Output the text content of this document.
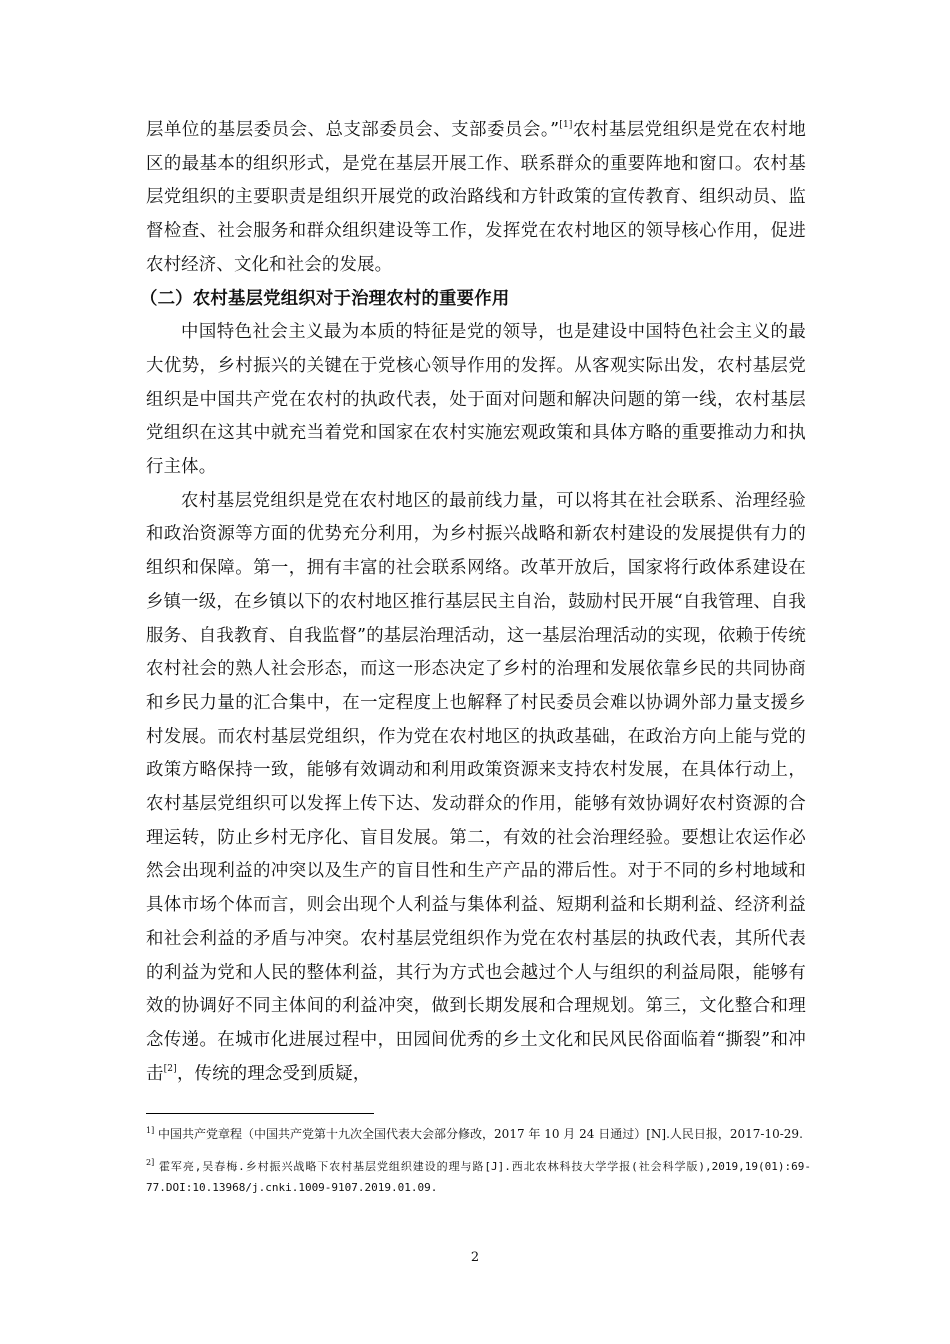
层单位的基层委员会、总支部委员会、支部委员会。”[1]农村基层党组织是党在农村地区的最基本的组织形式，是党在基层开展工作、联系群众的重要阵地和窗口。农村基层党组织的主要职责是组织开展党的政治路线和方针政策的宣传教育、组织动员、监督检查、社会服务和群众组织建设等工作，发挥党在农村地区的领导核心作用，促进农村经济、文化和社会的发展。

（二）农村基层党组织对于治理农村的重要作用

中国特色社会主义最为本质的特征是党的领导，也是建设中国特色社会主义的最大优势，乡村振兴的关键在于党核心领导作用的发挥。从客观实际出发，农村基层党组织是中国共产党在农村的执政代表，处于面对问题和解决问题的第一线，农村基层党组织在这其中就充当着党和国家在农村实施宏观政策和具体方略的重要推动力和执行主体。

农村基层党组织是党在农村地区的最前线力量，可以将其在社会联系、治理经验和政治资源等方面的优势充分利用，为乡村振兴战略和新农村建设的发展提供有力的组织和保障。第一，拥有丰富的社会联系网络。改革开放后，国家将行政体系建设在乡镇一级，在乡镇以下的农村地区推行基层民主自治，鼓励村民开展“自我管理、自我服务、自我教育、自我监督”的基层治理活动，这一基层治理活动的实现，依赖于传统农村社会的熟人社会形态，而这一形态决定了乡村的治理和发展依靠乡民的共同协商和乡民力量的汇合集中，在一定程度上也解释了村民委员会难以协调外部力量支援乡村发展。而农村基层党组织，作为党在农村地区的执政基础，在政治方向上能与党的政策方略保持一致，能够有效调动和利用政策资源来支持农村发展，在具体行动上，农村基层党组织可以发挥上传下达、发动群众的作用，能够有效协调好农村资源的合理运转，防止乡村无序化、盲目发展。第二，有效的社会治理经验。要想让农运作必然会出现利益的冲突以及生产的盲目性和生产产品的滞后性。对于不同的乡村地域和具体市场个体而言，则会出现个人利益与集体利益、短期利益和长期利益、经济利益和社会利益的矛盾与冲突。农村基层党组织作为党在农村基层的执政代表，其所代表的利益为党和人民的整体利益，其行为方式也会越过个人与组织的利益局限，能够有效的协调好不同主体间的利益冲突，做到长期发展和合理规划。第三，文化整合和理念传递。在城市化进展过程中，田园间优秀的乡土文化和民风民俗面临着“撕裂”和冲击[2]，传统的理念受到质疑，

$^{1]}$ 中国共产党章程（中国共产党第十九次全国代表大会部分修改，2017 年 10 月 24 日通过）[N].人民日报，2017-10-29.

$^{2]}$ 霍军亮,吴春梅.乡村振兴战略下农村基层党组织建设的理与路[J].西北农林科技大学学报(社会科学版),2019,19(01):69-77.DOI:10.13968/j.cnki.1009-9107.2019.01.09.

2
